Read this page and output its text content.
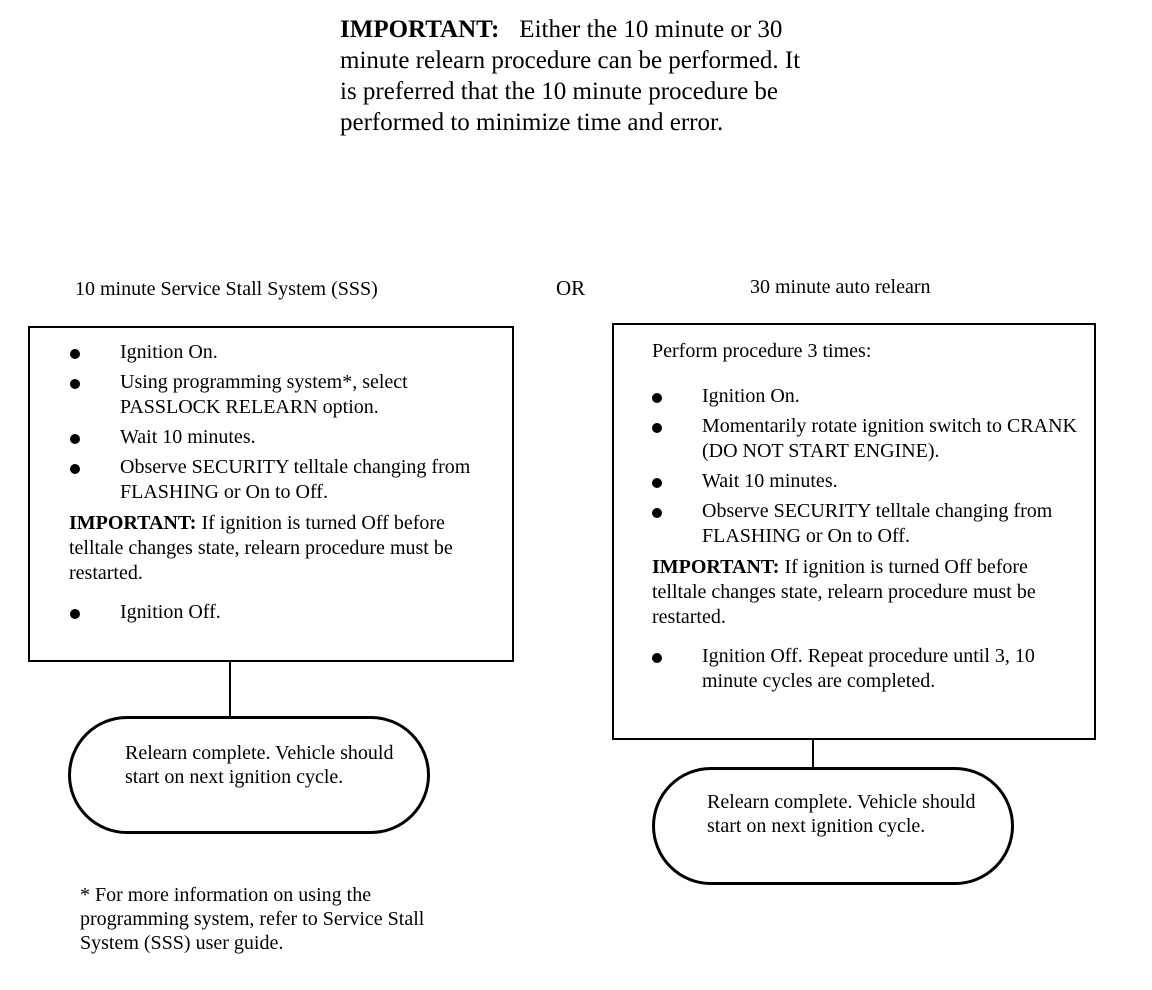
IMPORTANT: Either the 10 minute or 30 minute relearn procedure can be performed. It is preferred that the 10 minute procedure be performed to minimize time and error.
10 minute Service Stall System (SSS)	OR	30 minute auto relearn
Ignition On.
Using programming system*, select PASSLOCK RELEARN option.
Wait 10 minutes.
Observe SECURITY telltale changing from FLASHING or On to Off.
IMPORTANT: If ignition is turned Off before telltale changes state, relearn procedure must be restarted.
Ignition Off.
Relearn complete. Vehicle should start on next ignition cycle.
* For more information on using the programming system, refer to Service Stall System (SSS) user guide.
Perform procedure 3 times:
Ignition On.
Momentarily rotate ignition switch to CRANK (DO NOT START ENGINE).
Wait 10 minutes.
Observe SECURITY telltale changing from FLASHING or On to Off.
IMPORTANT: If ignition is turned Off before telltale changes state, relearn procedure must be restarted.
Ignition Off. Repeat procedure until 3, 10 minute cycles are completed.
Relearn complete. Vehicle should start on next ignition cycle.
